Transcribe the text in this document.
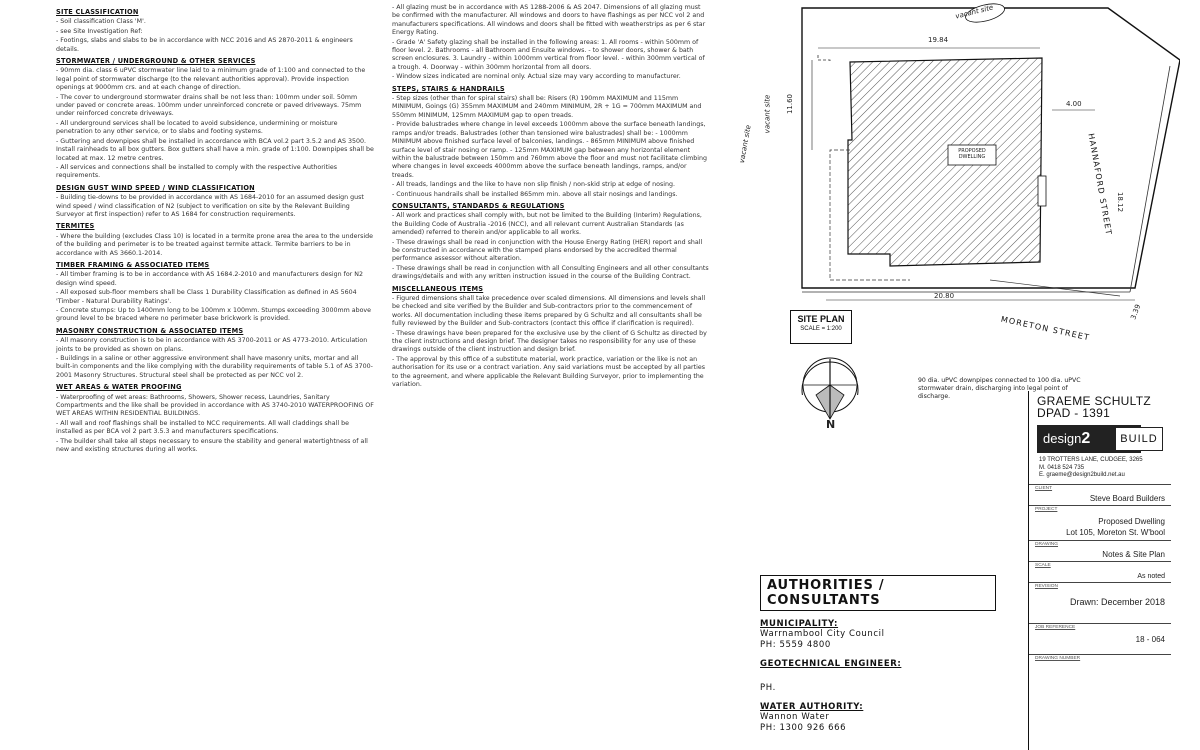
SITE CLASSIFICATION
- Soil classification Class 'M'.
- see Site Investigation Ref:
- Footings, slabs and slabs to be in accordance with NCC 2016 and AS 2870-2011 & engineers details.
STORMWATER / UNDERGROUND & OTHER SERVICES
- 90mm dia. class 6 uPVC stormwater line laid to a minimum grade of 1:100 and connected to the legal point of stormwater discharge (to the relevant authorities approval). Provide inspection openings at 9000mm crs. and at each change of direction.
- The cover to underground stormwater drains shall be not less than: 100mm under soil. 50mm under paved or concrete areas. 100mm under unreinforced concrete or paved driveways. 75mm under reinforced concrete driveways.
- All underground services shall be located to avoid subsidence, undermining or moisture penetration to any other service, or to slabs and footing systems.
- Guttering and downpipes shall be installed in accordance with BCA vol.2 part 3.5.2 and AS 3500. Install rainheads to all box gutters. Box gutters shall have a min. grade of 1:100. Downpipes shall be located at max. 12 metre centres.
- All services and connections shall be installed to comply with the respective Authorities requirements.
DESIGN GUST WIND SPEED / WIND CLASSIFICATION
- Building tie-downs to be provided in accordance with AS 1684-2010 for an assumed design gust wind speed / wind classification of N2 (subject to verification on site by the Relevant Building Surveyor at first inspection) refer to AS 1684 for construction requirements.
TERMITES
- Where the building (excludes Class 10) is located in a termite prone area the area to the underside of the building and perimeter is to be treated against termite attack. Termite barriers to be in accordance with AS 3660.1-2014.
TIMBER FRAMING & ASSOCIATED ITEMS
- All timber framing is to be in accordance with AS 1684.2-2010 and manufacturers design for N2 design wind speed.
- All exposed sub-floor members shall be Class 1 Durability Classification as defined in AS 5604 'Timber - Natural Durability Ratings'.
- Concrete stumps: Up to 1400mm long to be 100mm x 100mm. Stumps exceeding 3000mm above ground level to be braced where no perimeter base brickwork is provided.
MASONRY CONSTRUCTION & ASSOCIATED ITEMS
- All masonry construction is to be in accordance with AS 3700-2011 or AS 4773-2010. Articulation joints to be provided as shown on plans.
- Buildings in a saline or other aggressive environment shall have masonry units, mortar and all built-in components and the like complying with the durability requirements of table 5.1 of AS 3700-2001 Masonry Structures. Structural steel shall be protected as per NCC vol 2.
WET AREAS & WATER PROOFING
- Waterproofing of wet areas: Bathrooms, Showers, Shower recess, Laundries, Sanitary Compartments and the like shall be provided in accordance with AS 3740-2010 WATERPROOFING OF WET AREAS WITHIN RESIDENTIAL BUILDINGS.
- All wall and roof flashings shall be installed to NCC requirements. All wall claddings shall be installed as per BCA vol 2 part 3.5.3 and manufacturers specifications.
- The builder shall take all steps necessary to ensure the stability and general watertightness of all new and existing structures during all works.
- All glazing must be in accordance with AS 1288-2006 & AS 2047. Dimensions of all glazing must be confirmed with the manufacturer. All windows and doors to have flashings as per NCC vol 2 and manufacturers specifications. All windows and doors shall be fitted with weatherstrips as per 6 star Energy Rating.
- Grade 'A' Safety glazing shall be installed in the following areas: 1. All rooms - within 500mm of floor level. 2. Bathrooms - all Bathroom and Ensuite windows. - to shower doors, shower & bath screen enclosures. 3. Laundry - within 1000mm vertical from floor level. - within 300mm vertical of a trough. 4. Doorway - within 300mm horizontal from all doors.
- Window sizes indicated are nominal only. Actual size may vary according to manufacturer.
STEPS, STAIRS & HANDRAILS
- Step sizes (other than for spiral stairs) shall be: Risers (R) 190mm MAXIMUM and 115mm MINIMUM, Goings (G) 355mm MAXIMUM and 240mm MINIMUM, 2R + 1G = 700mm MAXIMUM and 550mm MINIMUM, 125mm MAXIMUM gap to open treads.
- Provide balustrades where change in level exceeds 1000mm above the surface beneath landings, ramps and/or treads. Balustrades (other than tensioned wire balustrades) shall be: - 1000mm MINIMUM above finished surface level of balconies, landings. - 865mm MINIMUM above finished surface level of stair nosing or ramp. - 125mm MAXIMUM gap between any horizontal element within the balustrade between 150mm and 760mm above the floor and must not facilitate climbing where changes in level exceeds 4000mm above the surface beneath landings, ramps, and/or treads.
- All treads, landings and the like to have non slip finish / non-skid strip at edge of nosing.
- Continuous handrails shall be installed 865mm min. above all stair nosings and landings.
CONSULTANTS, STANDARDS & REGULATIONS
- All work and practices shall comply with, but not be limited to the Building (Interim) Regulations, the Building Code of Australia -2016 (NCC), and all relevant current Australian Standards (as amended) referred to therein and/or applicable to all works.
- These drawings shall be read in conjunction with the House Energy Rating (HER) report and shall be constructed in accordance with the stamped plans endorsed by the accredited thermal performance assessor without alteration.
- These drawings shall be read in conjunction with all Consulting Engineers and all other consultants drawings/details and with any written instruction issued in the course of the Building Contract.
MISCELLANEOUS ITEMS
- Figured dimensions shall take precedence over scaled dimensions. All dimensions and levels shall be checked and site verified by the Builder and Sub-contractors prior to the commencement of works. All documentation including these items prepared by G Schultz and all consultants shall be fully reviewed by the Builder and Sub-contractors (contact this office if clarification is required).
- These drawings have been prepared for the exclusive use by the client of G Schultz as directed by the client instructions and design brief. The designer takes no responsibility for any use of these drawings outside of the client instruction and design brief.
- The approval by this office of a substitute material, work practice, variation or the like is not an authorisation for its use or a contract variation. Any said variations must be accepted by all parties to the agreement, and where applicable the Relevant Building Surveyor, prior to implementing the variation.
19.84
11.60	4.00
18.12
20.80
3.39
vacant site
vacant site
vacant site	PROPOSED DWELLING	HANNAFORD STREET
MORETON STREET
90 dia. uPVC downpipes connected to 100 dia. uPVC stormwater drain, discharging into legal point of discharge.
SITE PLAN
SCALE = 1:200
N
AUTHORITIES / CONSULTANTS
MUNICIPALITY:
Warrnambool City Council
PH: 5559 4800
GEOTECHNICAL ENGINEER:
PH.
WATER AUTHORITY:
Wannon Water
PH: 1300 926 666
GRAEME SCHULTZ
DPAD - 1391
design2	BUILD
19 TROTTERS LANE, CUDGEE, 3265
M. 0418 524 735
E. graeme@design2build.net.au
CLIENT
Steve Board Builders
PROJECT
Proposed Dwelling
Lot 105, Moreton St. W'bool
DRAWING
Notes & Site Plan
SCALE
As noted
REVISION
Drawn: December 2018
JOB REFERENCE
18 - 064
DRAWING NUMBER
